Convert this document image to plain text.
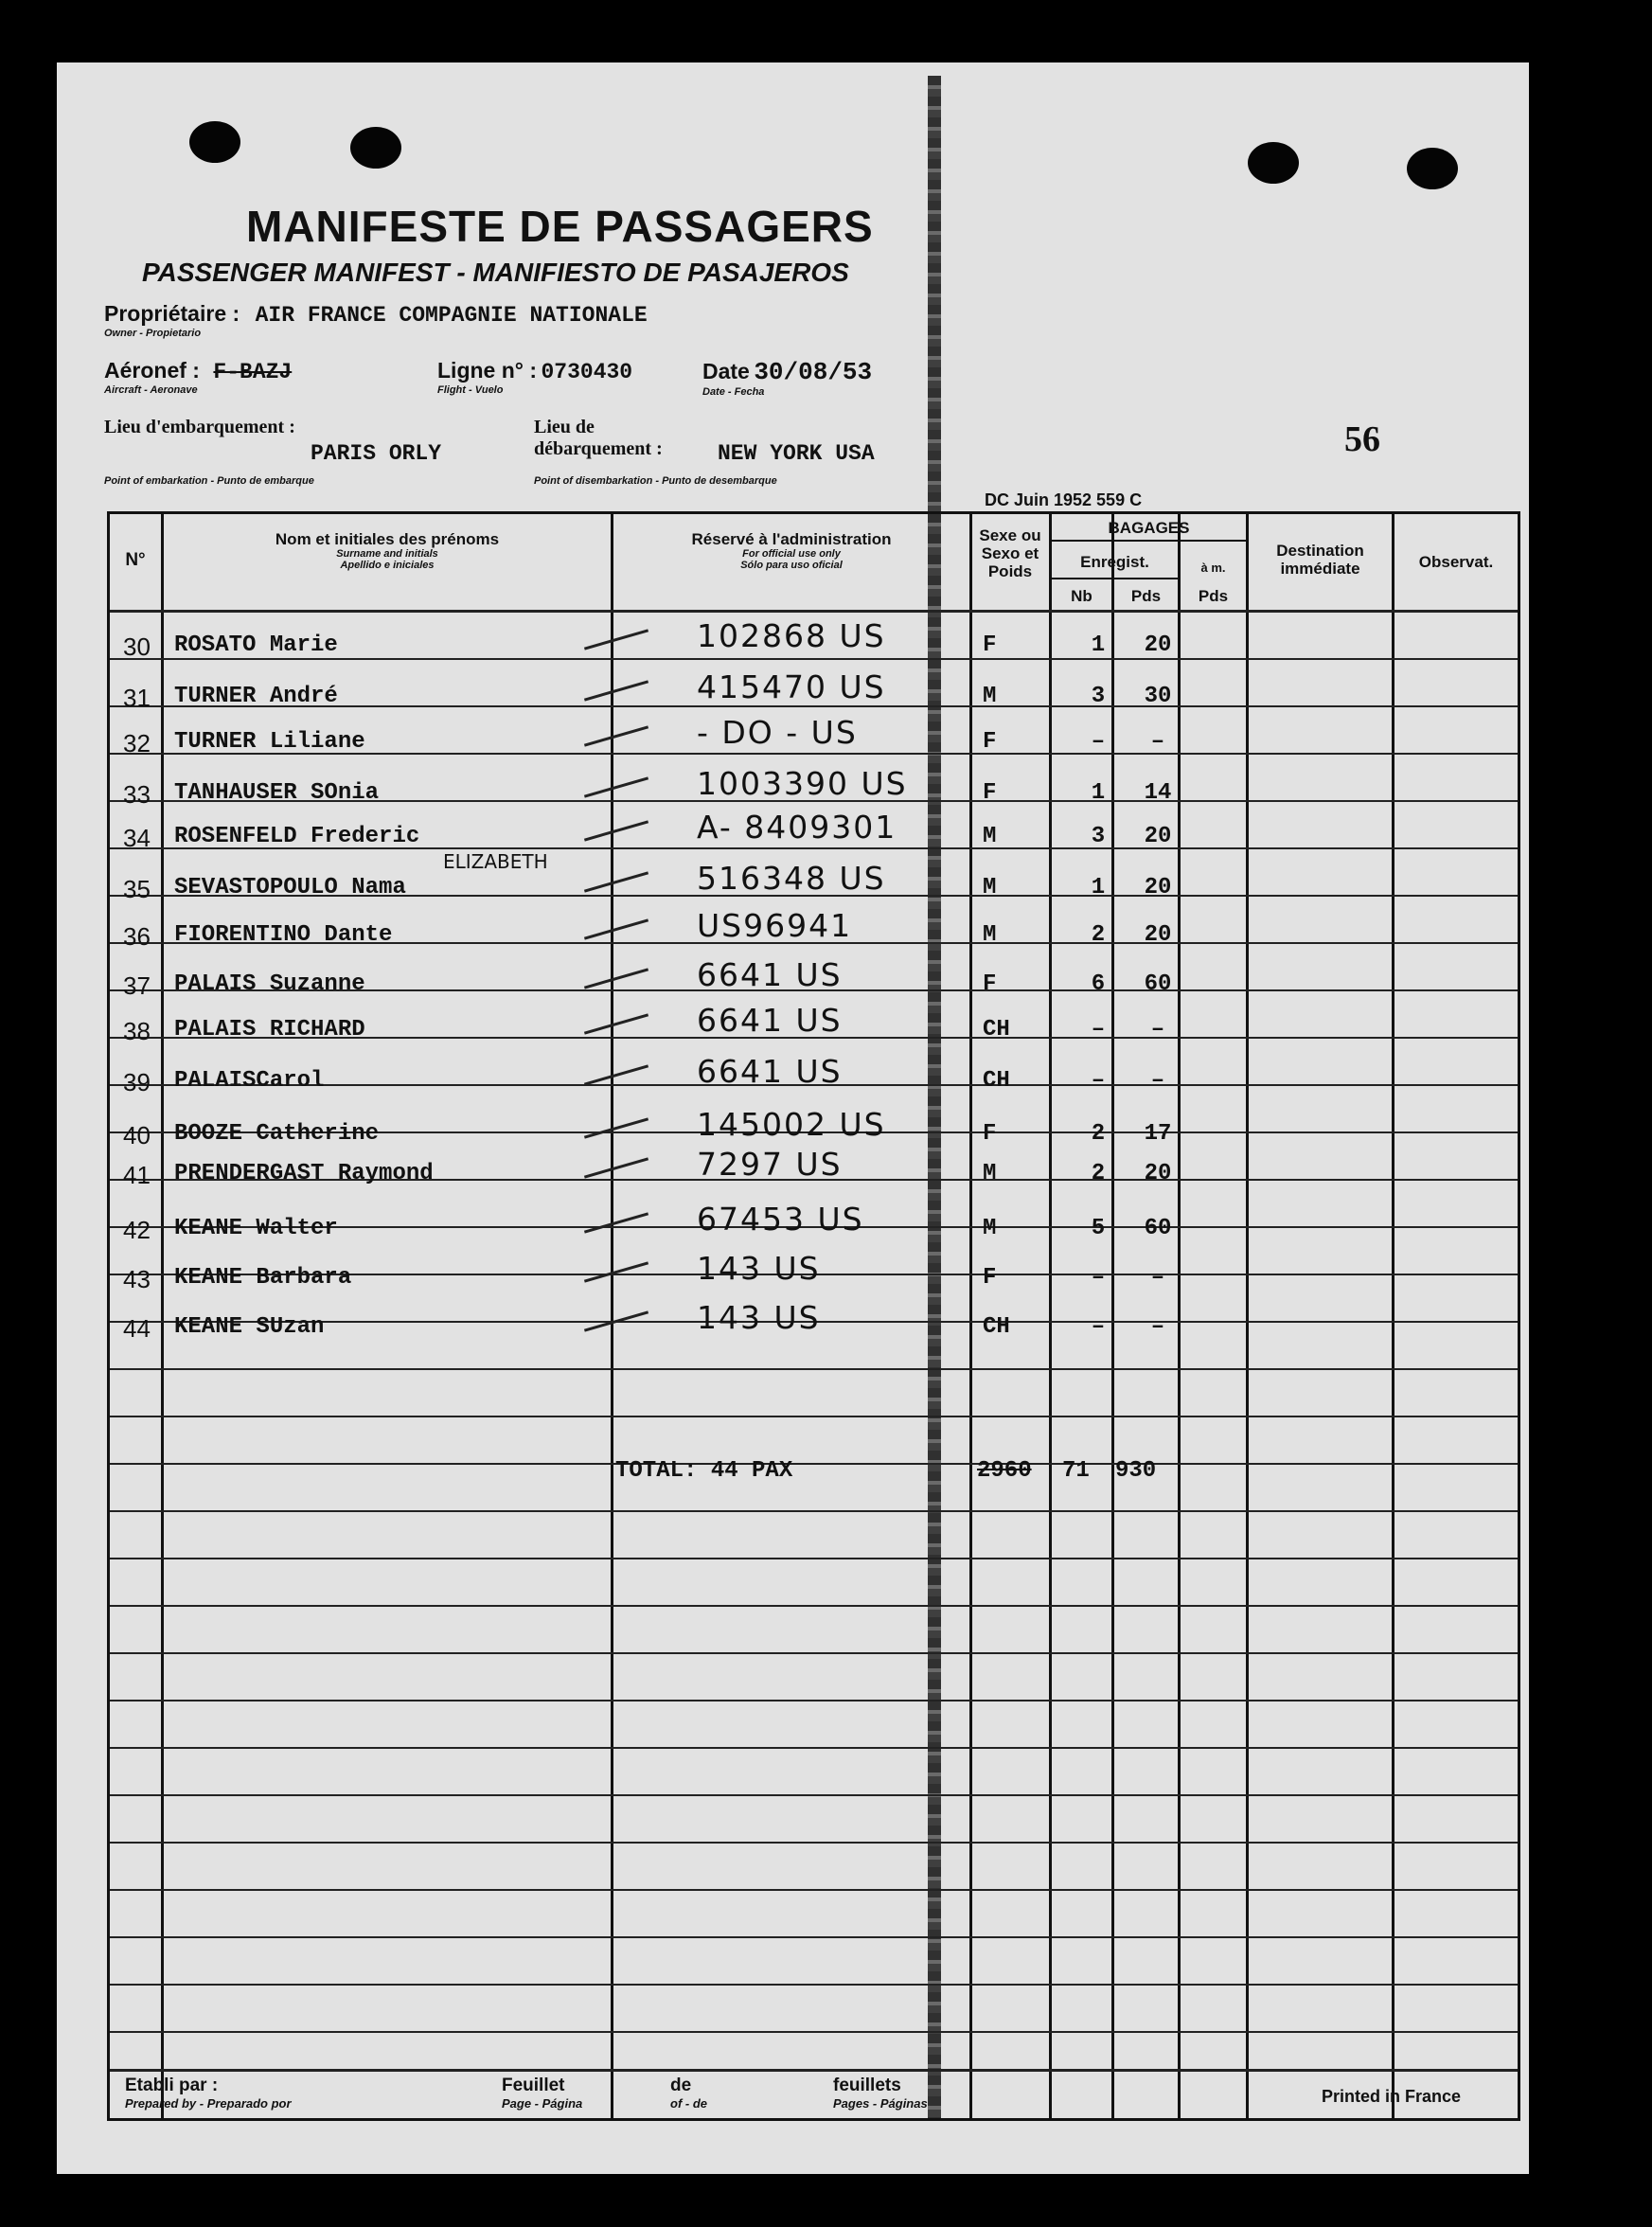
MANIFESTE DE PASSAGERS
PASSENGER MANIFEST - MANIFIESTO DE PASAJEROS
Propriétaire : AIR FRANCE COMPAGNIE NATIONALE
Owner - Propietario
Aéronef : F-BAZJ
Aircraft - Aeronave
Ligne n° : 0730430
Flight - Vuelo
Date 30/08/53
Date - Fecha
Lieu d'embarquement :
PARIS ORLY
Point of embarkation - Punto de embarque
Lieu de débarquement :	NEW YORK USA
Point of disembarkation - Punto de desembarque
56
DC Juin 1952 559 C
N°
Nom et initiales des prénoms
Surname and initials
Apellido e iniciales
Réservé à l'administration
For official use only
Sólo para uso oficial
Sexe ou Sexo et Poids
BAGAGES
Enregist.
Nb	Pds
à m.
Pds
Destination immédiate	Observat.
30 ROSATO Marie	102868 US	F	1	20
31 TURNER André	415470 US	M	3	30
32 TURNER Liliane	- DO - US	F	–	–
33 TANHAUSER SOnia	1003390 US	F	1	14
34 ROSENFELD Frederic	A- 8409301	M	3	20
35 SEVASTOPOULO Nama
ELIZABETH	516348 US	M	1	20
36 FIORENTINO Dante	US96941	M	2	20
37 PALAIS Suzanne	6641 US	F	6	60
38 PALAIS RICHARD	6641 US	CH	–	–
39 PALAISCarol	6641 US	CH	–	–
40 BOOZE Catherine	145002 US	F	2	17
41 PRENDERGAST Raymond	7297 US	M	2	20
42 KEANE Walter	67453 US	M	5	60
43 KEANE Barbara	143 US	F	–	–
44 KEANE SUzan	143 US	CH	–	–
TOTAL: 44 PAX	2960 71 930
Etabli par :
Prepared by - Preparado por
Feuillet
Page - Página
de
of - de
feuillets
Pages - Páginas	Printed in France
